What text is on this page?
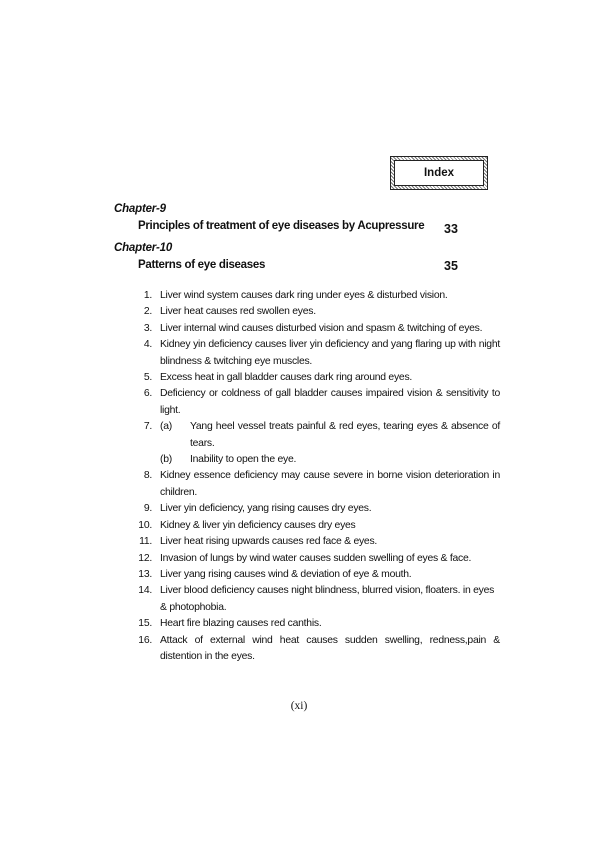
Index
Chapter-9
Principles of treatment of eye diseases by Acupressure 33
Chapter-10
Patterns of eye diseases	35
1. Liver wind system causes dark ring under eyes & disturbed vision.
2. Liver heat causes red swollen eyes.
3. Liver internal wind causes disturbed vision and spasm & twitching of eyes.
4. Kidney yin deficiency causes liver yin deficiency and yang flaring up with night blindness & twitching eye muscles.
5. Excess heat in gall bladder causes dark ring around eyes.
6. Deficiency or coldness of gall bladder causes impaired vision & sensitivity to light.
7. (a) Yang heel vessel treats painful & red eyes, tearing eyes & absence of tears.
(b) Inability to open the eye.
8. Kidney essence deficiency may cause severe in borne vision deterioration in children.
9. Liver yin deficiency, yang rising causes dry eyes.
10. Kidney & liver yin deficiency causes dry eyes
11. Liver heat rising upwards causes red face & eyes.
12. Invasion of lungs by wind water causes sudden swelling of eyes & face.
13. Liver yang rising causes wind & deviation of eye & mouth.
14. Liver blood deficiency causes night blindness, blurred vision, floaters. in eyes & photophobia.
15. Heart fire blazing causes red canthis.
16. Attack of external wind heat causes sudden swelling, redness,pain & distention in the eyes.
(xi)
